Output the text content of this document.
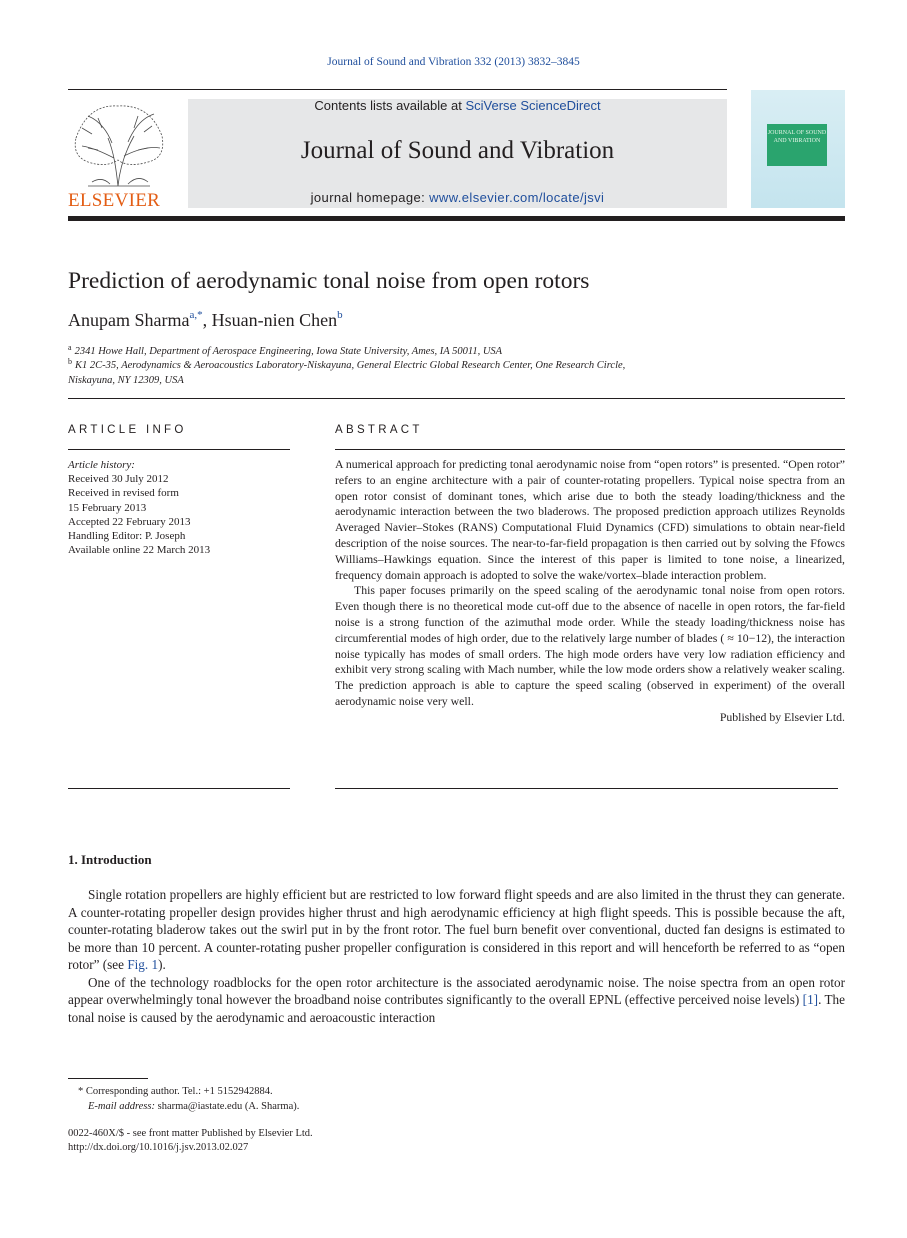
Journal of Sound and Vibration 332 (2013) 3832–3845
ELSEVIER
Contents lists available at SciVerse ScienceDirect
Journal of Sound and Vibration
journal homepage: www.elsevier.com/locate/jsvi
JOURNAL OF SOUND AND VIBRATION
Prediction of aerodynamic tonal noise from open rotors
Anupam Sharma$^{a,*}$, Hsuan-nien Chen$^b$
$^a$ 2341 Howe Hall, Department of Aerospace Engineering, Iowa State University, Ames, IA 50011, USA
$^b$ K1 2C-35, Aerodynamics & Aeroacoustics Laboratory-Niskayuna, General Electric Global Research Center, One Research Circle,
Niskayuna, NY 12309, USA
ARTICLE INFO
Article history:
Received 30 July 2012
Received in revised form
15 February 2013
Accepted 22 February 2013
Handling Editor: P. Joseph
Available online 22 March 2013
ABSTRACT

A numerical approach for predicting tonal aerodynamic noise from “open rotors” is presented. “Open rotor” refers to an engine architecture with a pair of counter-rotating propellers. Typical noise spectra from an open rotor consist of dominant tones, which arise due to both the steady loading/thickness and the aerodynamic interaction between the two bladerows. The proposed prediction approach utilizes Reynolds Averaged Navier–Stokes (RANS) Computational Fluid Dynamics (CFD) simulations to obtain near-field description of the noise sources. The near-to-far-field propagation is then carried out by solving the Ffowcs Williams–Hawkings equation. Since the interest of this paper is limited to tone noise, a linearized, frequency domain approach is adopted to solve the wake/vortex–blade interaction problem.

This paper focuses primarily on the speed scaling of the aerodynamic tonal noise from open rotors. Even though there is no theoretical mode cut-off due to the absence of nacelle in open rotors, the far-field noise is a strong function of the azimuthal mode order. While the steady loading/thickness noise has circumferential modes of high order, due to the relatively large number of blades ( ≈ 10−12), the interaction noise typically has modes of small orders. The high mode orders have very low radiation efficiency and exhibit very strong scaling with Mach number, while the low mode orders show a relatively weaker scaling. The prediction approach is able to capture the speed scaling (observed in experiment) of the overall aerodynamic noise very well.

Published by Elsevier Ltd.

1. Introduction

Single rotation propellers are highly efficient but are restricted to low forward flight speeds and are also limited in the thrust they can generate. A counter-rotating propeller design provides higher thrust and high aerodynamic efficiency at high flight speeds. This is possible because the aft, counter-rotating bladerow takes out the swirl put in by the front rotor. The fuel burn benefit over conventional, ducted fan designs is estimated to be more than 10 percent. A counter-rotating pusher propeller configuration is considered in this report and will henceforth be referred to as “open rotor” (see Fig. 1).

One of the technology roadblocks for the open rotor architecture is the associated aerodynamic noise. The noise spectra from an open rotor appear overwhelmingly tonal however the broadband noise contributes significantly to the overall EPNL (effective perceived noise levels) [1]. The tonal noise is caused by the aerodynamic and aeroacoustic interaction

* Corresponding author. Tel.: +1 5152942884.
E-mail address: sharma@iastate.edu (A. Sharma).
0022-460X/$ - see front matter Published by Elsevier Ltd.
http://dx.doi.org/10.1016/j.jsv.2013.02.027
